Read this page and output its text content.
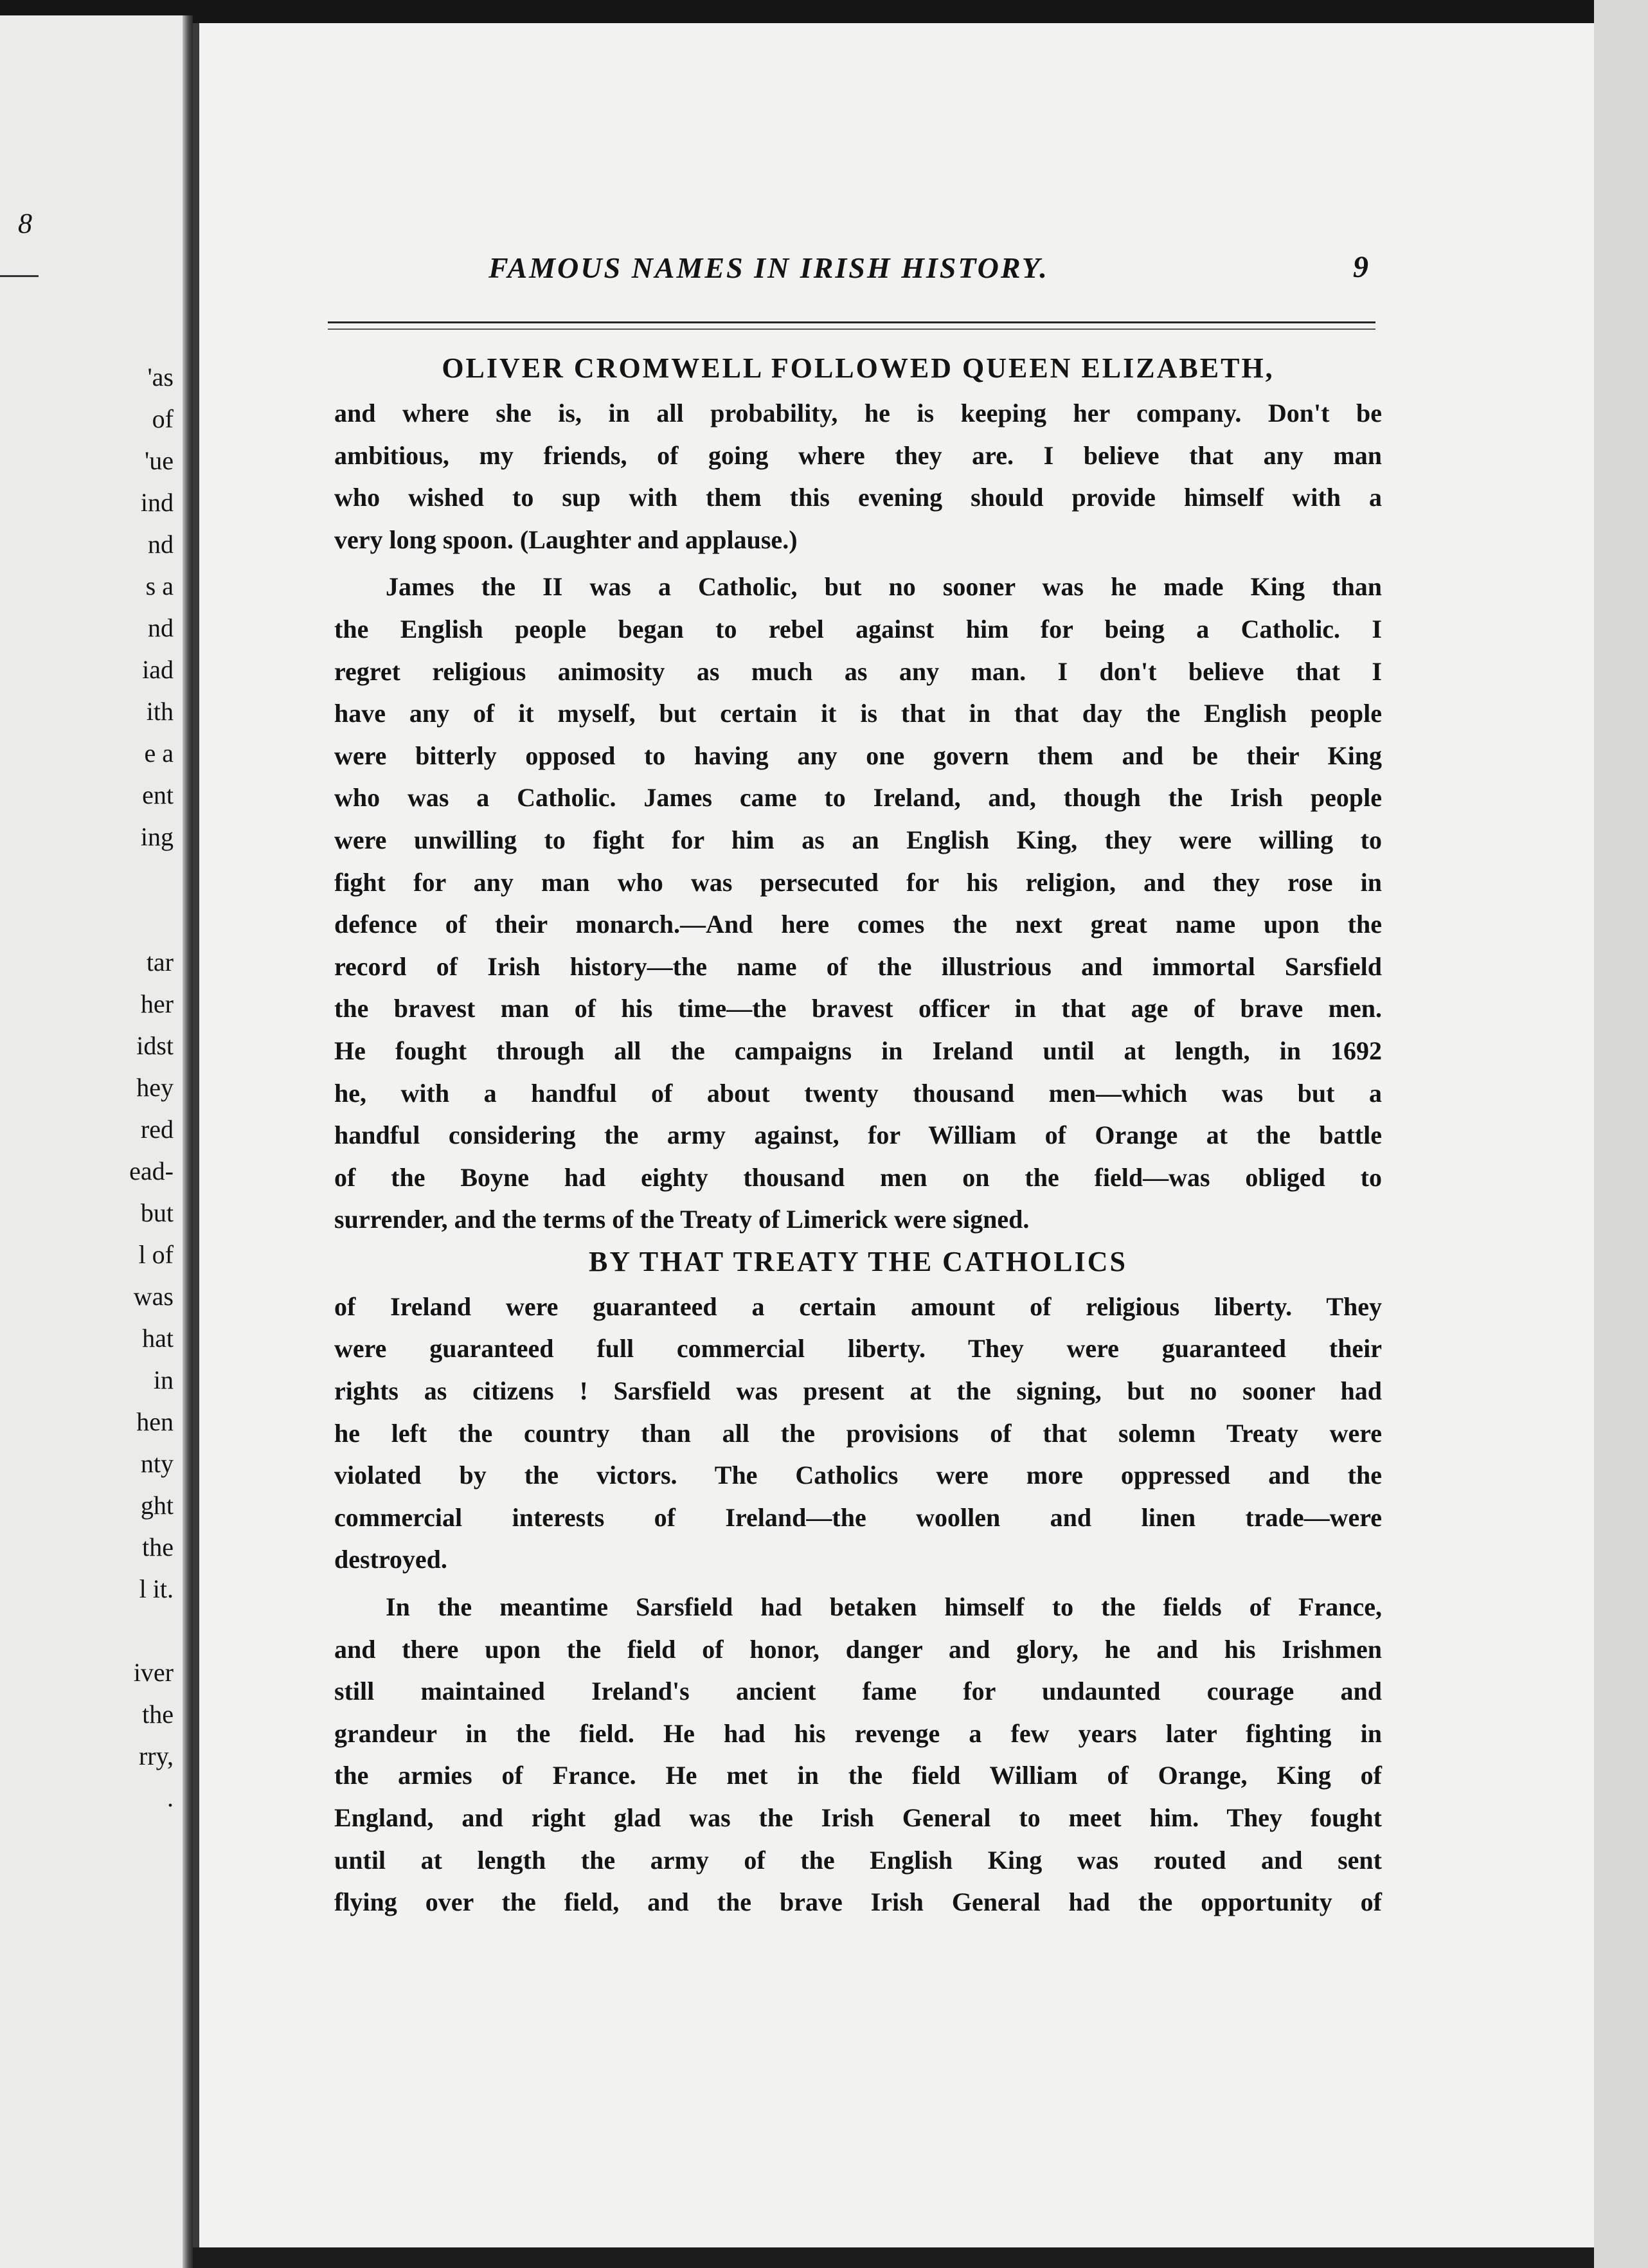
8
'as
of
'ue
ind
nd
s a
nd
iad
ith
e a
ent
ing
tar
her
idst
hey
red
ead-
but
l of
was
hat
in
hen
nty
ght
the
l it.
iver
the
rry,
.
FAMOUS NAMES IN IRISH HISTORY.	9
OLIVER CROMWELL FOLLOWED QUEEN ELIZABETH,
and where she is, in all probability, he is keeping her company. Don't be
ambitious, my friends, of going where they are. I believe that any man
who wished to sup with them this evening should provide himself with a
very long spoon. (Laughter and applause.)
James the II was a Catholic, but no sooner was he made King than
the English people began to rebel against him for being a Catholic. I
regret religious animosity as much as any man. I don't believe that I
have any of it myself, but certain it is that in that day the English people
were bitterly opposed to having any one govern them and be their King
who was a Catholic. James came to Ireland, and, though the Irish people
were unwilling to fight for him as an English King, they were willing to
fight for any man who was persecuted for his religion, and they rose in
defence of their monarch.—And here comes the next great name upon the
record of Irish history—the name of the illustrious and immortal Sarsfield
the bravest man of his time—the bravest officer in that age of brave men.
He fought through all the campaigns in Ireland until at length, in 1692
he, with a handful of about twenty thousand men—which was but a
handful considering the army against, for William of Orange at the battle
of the Boyne had eighty thousand men on the field—was obliged to
surrender, and the terms of the Treaty of Limerick were signed.
BY THAT TREATY THE CATHOLICS
of Ireland were guaranteed a certain amount of religious liberty. They
were guaranteed full commercial liberty. They were guaranteed their
rights as citizens ! Sarsfield was present at the signing, but no sooner had
he left the country than all the provisions of that solemn Treaty were
violated by the victors. The Catholics were more oppressed and the
commercial interests of Ireland—the woollen and linen trade—were
destroyed.
In the meantime Sarsfield had betaken himself to the fields of France,
and there upon the field of honor, danger and glory, he and his Irishmen
still maintained Ireland's ancient fame for undaunted courage and
grandeur in the field. He had his revenge a few years later fighting in
the armies of France. He met in the field William of Orange, King of
England, and right glad was the Irish General to meet him. They fought
until at length the army of the English King was routed and sent
flying over the field, and the brave Irish General had the opportunity of
